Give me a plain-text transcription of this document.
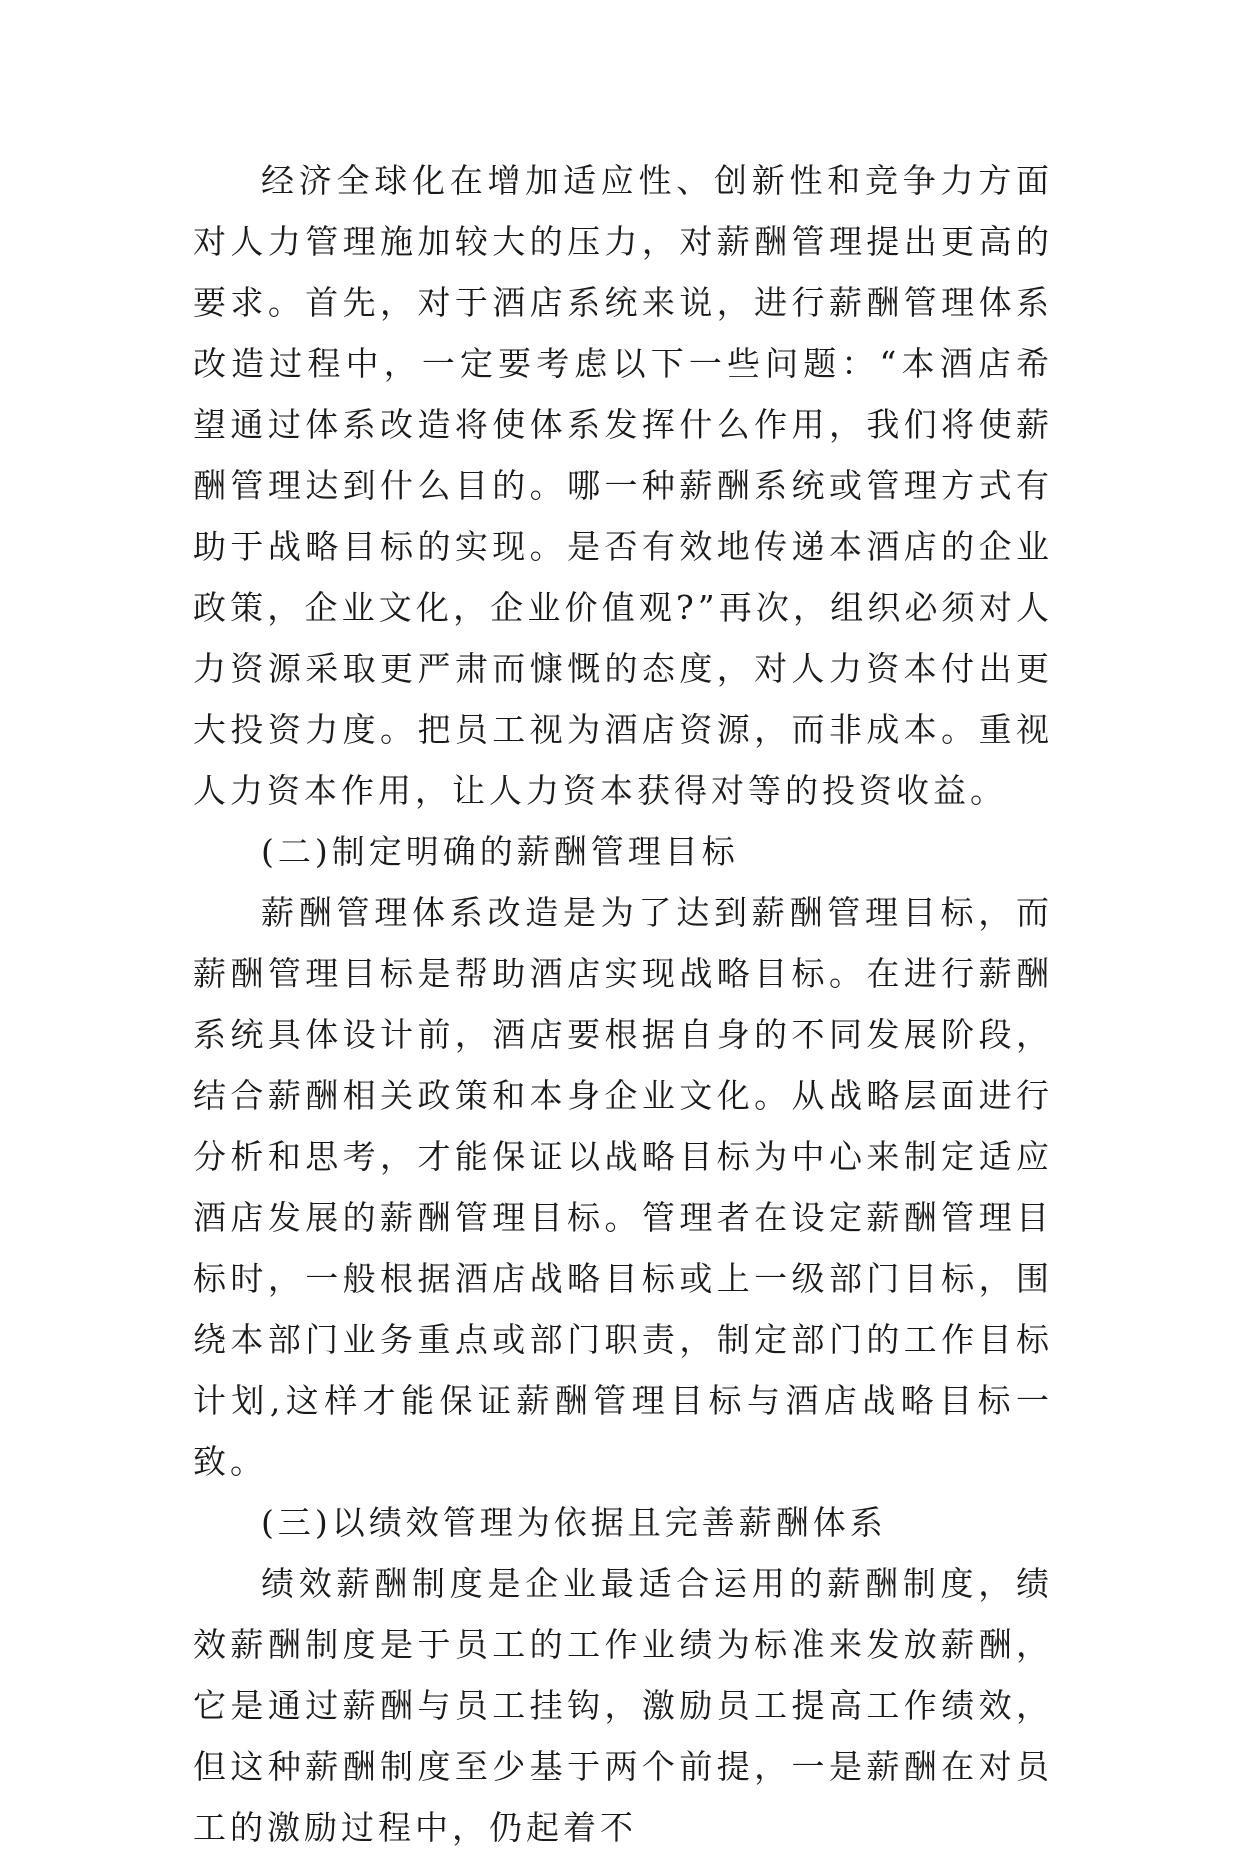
经济全球化在增加适应性、创新性和竞争力方面对人力管理施加较大的压力，对薪酬管理提出更高的要求。首先，对于酒店系统来说，进行薪酬管理体系改造过程中，一定要考虑以下一些问题：“本酒店希望通过体系改造将使体系发挥什么作用，我们将使薪酬管理达到什么目的。哪一种薪酬系统或管理方式有助于战略目标的实现。是否有效地传递本酒店的企业政策，企业文化，企业价值观?”再次，组织必须对人力资源采取更严肃而慷慨的态度，对人力资本付出更大投资力度。把员工视为酒店资源，而非成本。重视人力资本作用，让人力资本获得对等的投资收益。

(二)制定明确的薪酬管理目标

薪酬管理体系改造是为了达到薪酬管理目标，而薪酬管理目标是帮助酒店实现战略目标。在进行薪酬系统具体设计前，酒店要根据自身的不同发展阶段，结合薪酬相关政策和本身企业文化。从战略层面进行分析和思考，才能保证以战略目标为中心来制定适应酒店发展的薪酬管理目标。管理者在设定薪酬管理目标时，一般根据酒店战略目标或上一级部门目标，围绕本部门业务重点或部门职责，制定部门的工作目标计划,这样才能保证薪酬管理目标与酒店战略目标一致。

(三)以绩效管理为依据且完善薪酬体系

绩效薪酬制度是企业最适合运用的薪酬制度，绩效薪酬制度是于员工的工作业绩为标准来发放薪酬，它是通过薪酬与员工挂钩，激励员工提高工作绩效，但这种薪酬制度至少基于两个前提，一是薪酬在对员工的激励过程中，仍起着不
